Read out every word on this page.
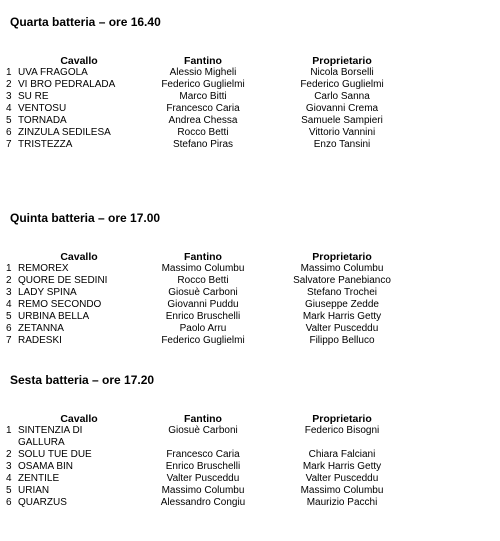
Quarta batteria – ore 16.40
	Cavallo	Fantino	Proprietario
1	UVA FRAGOLA	Alessio Migheli	Nicola Borselli
2	VI BRO PEDRALADA	Federico Guglielmi	Federico Guglielmi
3	SU RE	Marco Bitti	Carlo Sanna
4	VENTOSU	Francesco Caria	Giovanni Crema
5	TORNADA	Andrea Chessa	Samuele Sampieri
6	ZINZULA SEDILESA	Rocco Betti	Vittorio Vannini
7	TRISTEZZA	Stefano Piras	Enzo Tansini
Quinta batteria – ore 17.00
	Cavallo	Fantino	Proprietario
1	REMOREX	Massimo Columbu	Massimo Columbu
2	QUORE DE SEDINI	Rocco Betti	Salvatore Panebianco
3	LADY SPINA	Giosuè Carboni	Stefano Trochei
4	REMO SECONDO	Giovanni Puddu	Giuseppe Zedde
5	URBINA BELLA	Enrico Bruschelli	Mark Harris Getty
6	ZETANNA	Paolo Arru	Valter Pusceddu
7	RADESKI	Federico Guglielmi	Filippo Belluco
Sesta batteria – ore 17.20
	Cavallo	Fantino	Proprietario
1	SINTENZIA DI GALLURA	Giosuè Carboni	Federico Bisogni
2	SOLU TUE DUE	Francesco Caria	Chiara Falciani
3	OSAMA BIN	Enrico Bruschelli	Mark Harris Getty
4	ZENTILE	Valter Pusceddu	Valter Pusceddu
5	URIAN	Massimo Columbu	Massimo Columbu
6	QUARZUS	Alessandro Congiu	Maurizio Pacchi
